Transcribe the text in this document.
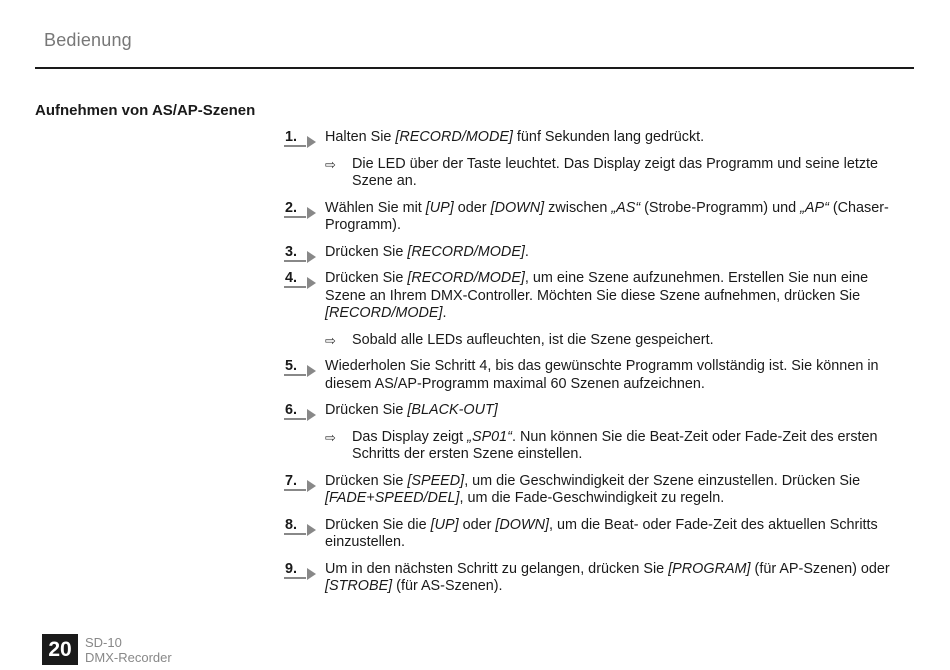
Bedienung
Aufnehmen von AS/AP-Szenen
1. Halten Sie [RECORD/MODE] fünf Sekunden lang gedrückt.
⇨ Die LED über der Taste leuchtet. Das Display zeigt das Programm und seine letzte Szene an.
2. Wählen Sie mit [UP] oder [DOWN] zwischen „AS“ (Strobe-Programm) und „AP“ (Chaser-Programm).
3. Drücken Sie [RECORD/MODE].
4. Drücken Sie [RECORD/MODE], um eine Szene aufzunehmen. Erstellen Sie nun eine Szene an Ihrem DMX-Controller. Möchten Sie diese Szene aufnehmen, drücken Sie [RECORD/MODE].
⇨ Sobald alle LEDs aufleuchten, ist die Szene gespeichert.
5. Wiederholen Sie Schritt 4, bis das gewünschte Programm vollständig ist. Sie können in diesem AS/AP-Programm maximal 60 Szenen aufzeichnen.
6. Drücken Sie [BLACK-OUT]
⇨ Das Display zeigt „SP01“. Nun können Sie die Beat-Zeit oder Fade-Zeit des ersten Schritts der ersten Szene einstellen.
7. Drücken Sie [SPEED], um die Geschwindigkeit der Szene einzustellen. Drücken Sie [FADE+SPEED/DEL], um die Fade-Geschwindigkeit zu regeln.
8. Drücken Sie die [UP] oder [DOWN], um die Beat- oder Fade-Zeit des aktuellen Schritts einzustellen.
9. Um in den nächsten Schritt zu gelangen, drücken Sie [PROGRAM] (für AP-Szenen) oder [STROBE] (für AS-Szenen).
20	SD-10
DMX-Recorder
